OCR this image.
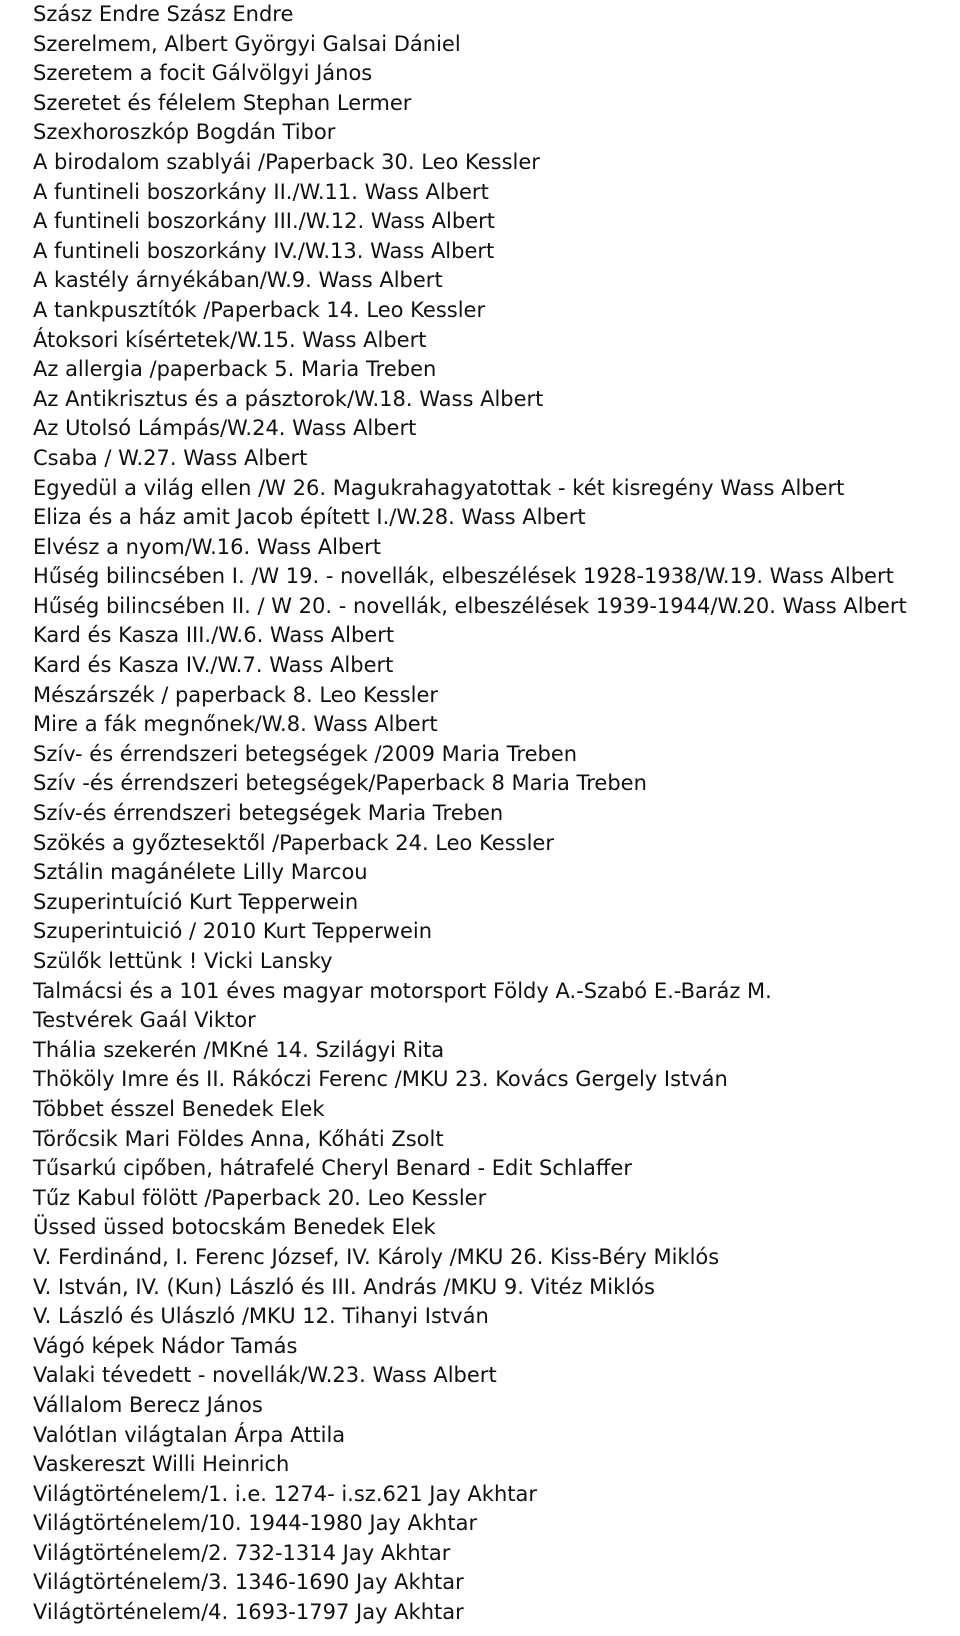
Szász Endre Szász Endre
Szerelmem, Albert Györgyi Galsai Dániel
Szeretem a focit Gálvölgyi János
Szeretet és félelem Stephan Lermer
Szexhoroszkóp Bogdán Tibor
A birodalom szablyái /Paperback 30. Leo Kessler
A funtineli boszorkány II./W.11. Wass Albert
A funtineli boszorkány III./W.12. Wass Albert
A funtineli boszorkány IV./W.13. Wass Albert
A kastély árnyékában/W.9. Wass Albert
A tankpusztítók /Paperback 14. Leo Kessler
Átoksori kísértetek/W.15. Wass Albert
Az allergia /paperback 5. Maria Treben
Az Antikrisztus és a pásztorok/W.18. Wass Albert
Az Utolsó Lámpás/W.24. Wass Albert
Csaba / W.27. Wass Albert
Egyedül a világ ellen /W 26. Magukrahagyatottak - két kisregény Wass Albert
Eliza és a ház amit Jacob épített I./W.28. Wass Albert
Elvész a nyom/W.16. Wass Albert
Hűség bilincsében I. /W 19. - novellák, elbeszélések 1928-1938/W.19. Wass Albert
Hűség bilincsében II. / W 20. - novellák, elbeszélések 1939-1944/W.20. Wass Albert
Kard és Kasza III./W.6. Wass Albert
Kard és Kasza IV./W.7. Wass Albert
Mészárszék / paperback 8. Leo Kessler
Mire a fák megnőnek/W.8. Wass Albert
Szív- és érrendszeri betegségek /2009 Maria Treben
Szív -és érrendszeri betegségek/Paperback 8 Maria Treben
Szív-és érrendszeri betegségek Maria Treben
Szökés a győztesektől /Paperback 24. Leo Kessler
Sztálin magánélete Lilly Marcou
Szuperintuíció Kurt Tepperwein
Szuperintuició / 2010 Kurt Tepperwein
Szülők lettünk ! Vicki Lansky
Talmácsi és a 101 éves magyar motorsport Földy A.-Szabó E.-Baráz M.
Testvérek Gaál Viktor
Thália szekerén /MKné 14. Szilágyi Rita
Thököly Imre és II. Rákóczi Ferenc /MKU 23. Kovács Gergely István
Többet ésszel Benedek Elek
Törőcsik Mari Földes Anna, Kőháti Zsolt
Tűsarkú cipőben, hátrafelé Cheryl Benard - Edit Schlaffer
Tűz Kabul fölött /Paperback 20. Leo Kessler
Üssed üssed botocskám Benedek Elek
V. Ferdinánd, I. Ferenc József, IV. Károly /MKU 26. Kiss-Béry Miklós
V. István, IV. (Kun) László és III. András /MKU 9. Vitéz Miklós
V. László és Ulászló /MKU 12. Tihanyi István
Vágó képek Nádor Tamás
Valaki tévedett - novellák/W.23. Wass Albert
Vállalom Berecz János
Valótlan világtalan Árpa Attila
Vaskereszt Willi Heinrich
Világtörténelem/1. i.e. 1274- i.sz.621 Jay Akhtar
Világtörténelem/10. 1944-1980 Jay Akhtar
Világtörténelem/2. 732-1314 Jay Akhtar
Világtörténelem/3. 1346-1690 Jay Akhtar
Világtörténelem/4. 1693-1797 Jay Akhtar
